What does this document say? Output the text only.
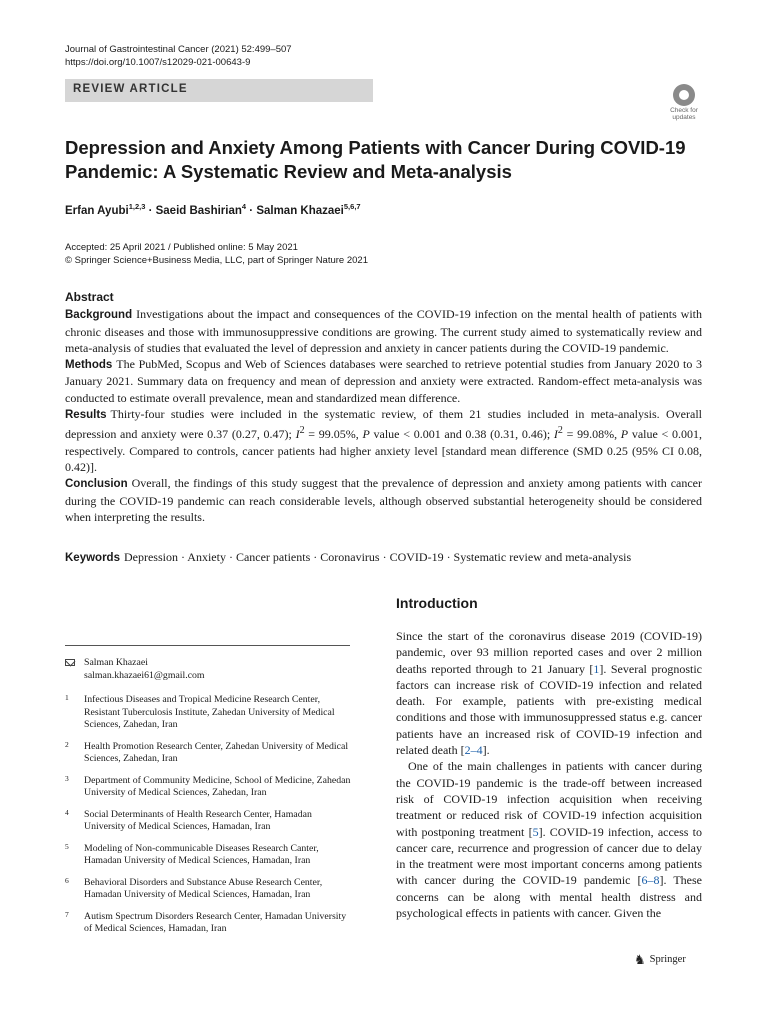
Journal of Gastrointestinal Cancer (2021) 52:499–507
https://doi.org/10.1007/s12029-021-00643-9
REVIEW ARTICLE
Check for
updates
Depression and Anxiety Among Patients with Cancer During COVID-19 Pandemic: A Systematic Review and Meta-analysis
Erfan Ayubi$^{1,2,3}$ · Saeid Bashirian$^4$ · Salman Khazaei$^{5,6,7}$
Accepted: 25 April 2021 / Published online: 5 May 2021
© Springer Science+Business Media, LLC, part of Springer Nature 2021
Abstract

Background Investigations about the impact and consequences of the COVID-19 infection on the mental health of patients with chronic diseases and those with immunosuppressive conditions are growing. The current study aimed to systematically review and meta-analysis of studies that evaluated the level of depression and anxiety in cancer patients during the COVID-19 pandemic.

Methods The PubMed, Scopus and Web of Sciences databases were searched to retrieve potential studies from January 2020 to 3 January 2021. Summary data on frequency and mean of depression and anxiety were extracted. Random-effect meta-analysis was conducted to estimate overall prevalence, mean and standardized mean difference.

Results Thirty-four studies were included in the systematic review, of them 21 studies included in meta-analysis. Overall depression and anxiety were 0.37 (0.27, 0.47); $I^2 = 99.05\%$, P value < 0.001 and 0.38 (0.31, 0.46); $I^2 = 99.08\%$, P value < 0.001, respectively. Compared to controls, cancer patients had higher anxiety level [standard mean difference (SMD 0.25 (95% CI 0.08, 0.42)].

Conclusion Overall, the findings of this study suggest that the prevalence of depression and anxiety among patients with cancer during the COVID-19 pandemic can reach considerable levels, although observed substantial heterogeneity should be considered when interpreting the results.

Keywords Depression · Anxiety · Cancer patients · Coronavirus · COVID-19 · Systematic review and meta-analysis
Introduction

Since the start of the coronavirus disease 2019 (COVID-19) pandemic, over 93 million reported cases and over 2 million deaths reported through to 21 January [1]. Several prognostic factors can increase risk of COVID-19 infection and related death. For example, patients with pre-existing medical conditions and those with immunosuppressed status e.g. cancer patients have an increased risk of COVID-19 infection and related death [2–4].

One of the main challenges in patients with cancer during the COVID-19 pandemic is the trade-off between increased risk of COVID-19 infection acquisition when receiving treatment or reduced risk of COVID-19 infection acquisition with postponing treatment [5]. COVID-19 infection, access to cancer care, recurrence and progression of cancer due to delay in the treatment were most important concerns among patients with cancer during the COVID-19 pandemic [6–8]. These concerns can be along with mental health distress and psychological effects in patients with cancer. Given the

Salman Khazaei
salman.khazaei61@gmail.com
1 Infectious Diseases and Tropical Medicine Research Center, Resistant Tuberculosis Institute, Zahedan University of Medical Sciences, Zahedan, Iran
2 Health Promotion Research Center, Zahedan University of Medical Sciences, Zahedan, Iran
3 Department of Community Medicine, School of Medicine, Zahedan University of Medical Sciences, Zahedan, Iran
4 Social Determinants of Health Research Center, Hamadan University of Medical Sciences, Hamadan, Iran
5 Modeling of Non-communicable Diseases Research Canter, Hamadan University of Medical Sciences, Hamadan, Iran
6 Behavioral Disorders and Substance Abuse Research Center, Hamadan University of Medical Sciences, Hamadan, Iran
7 Autism Spectrum Disorders Research Center, Hamadan University of Medical Sciences, Hamadan, Iran
♞ Springer
